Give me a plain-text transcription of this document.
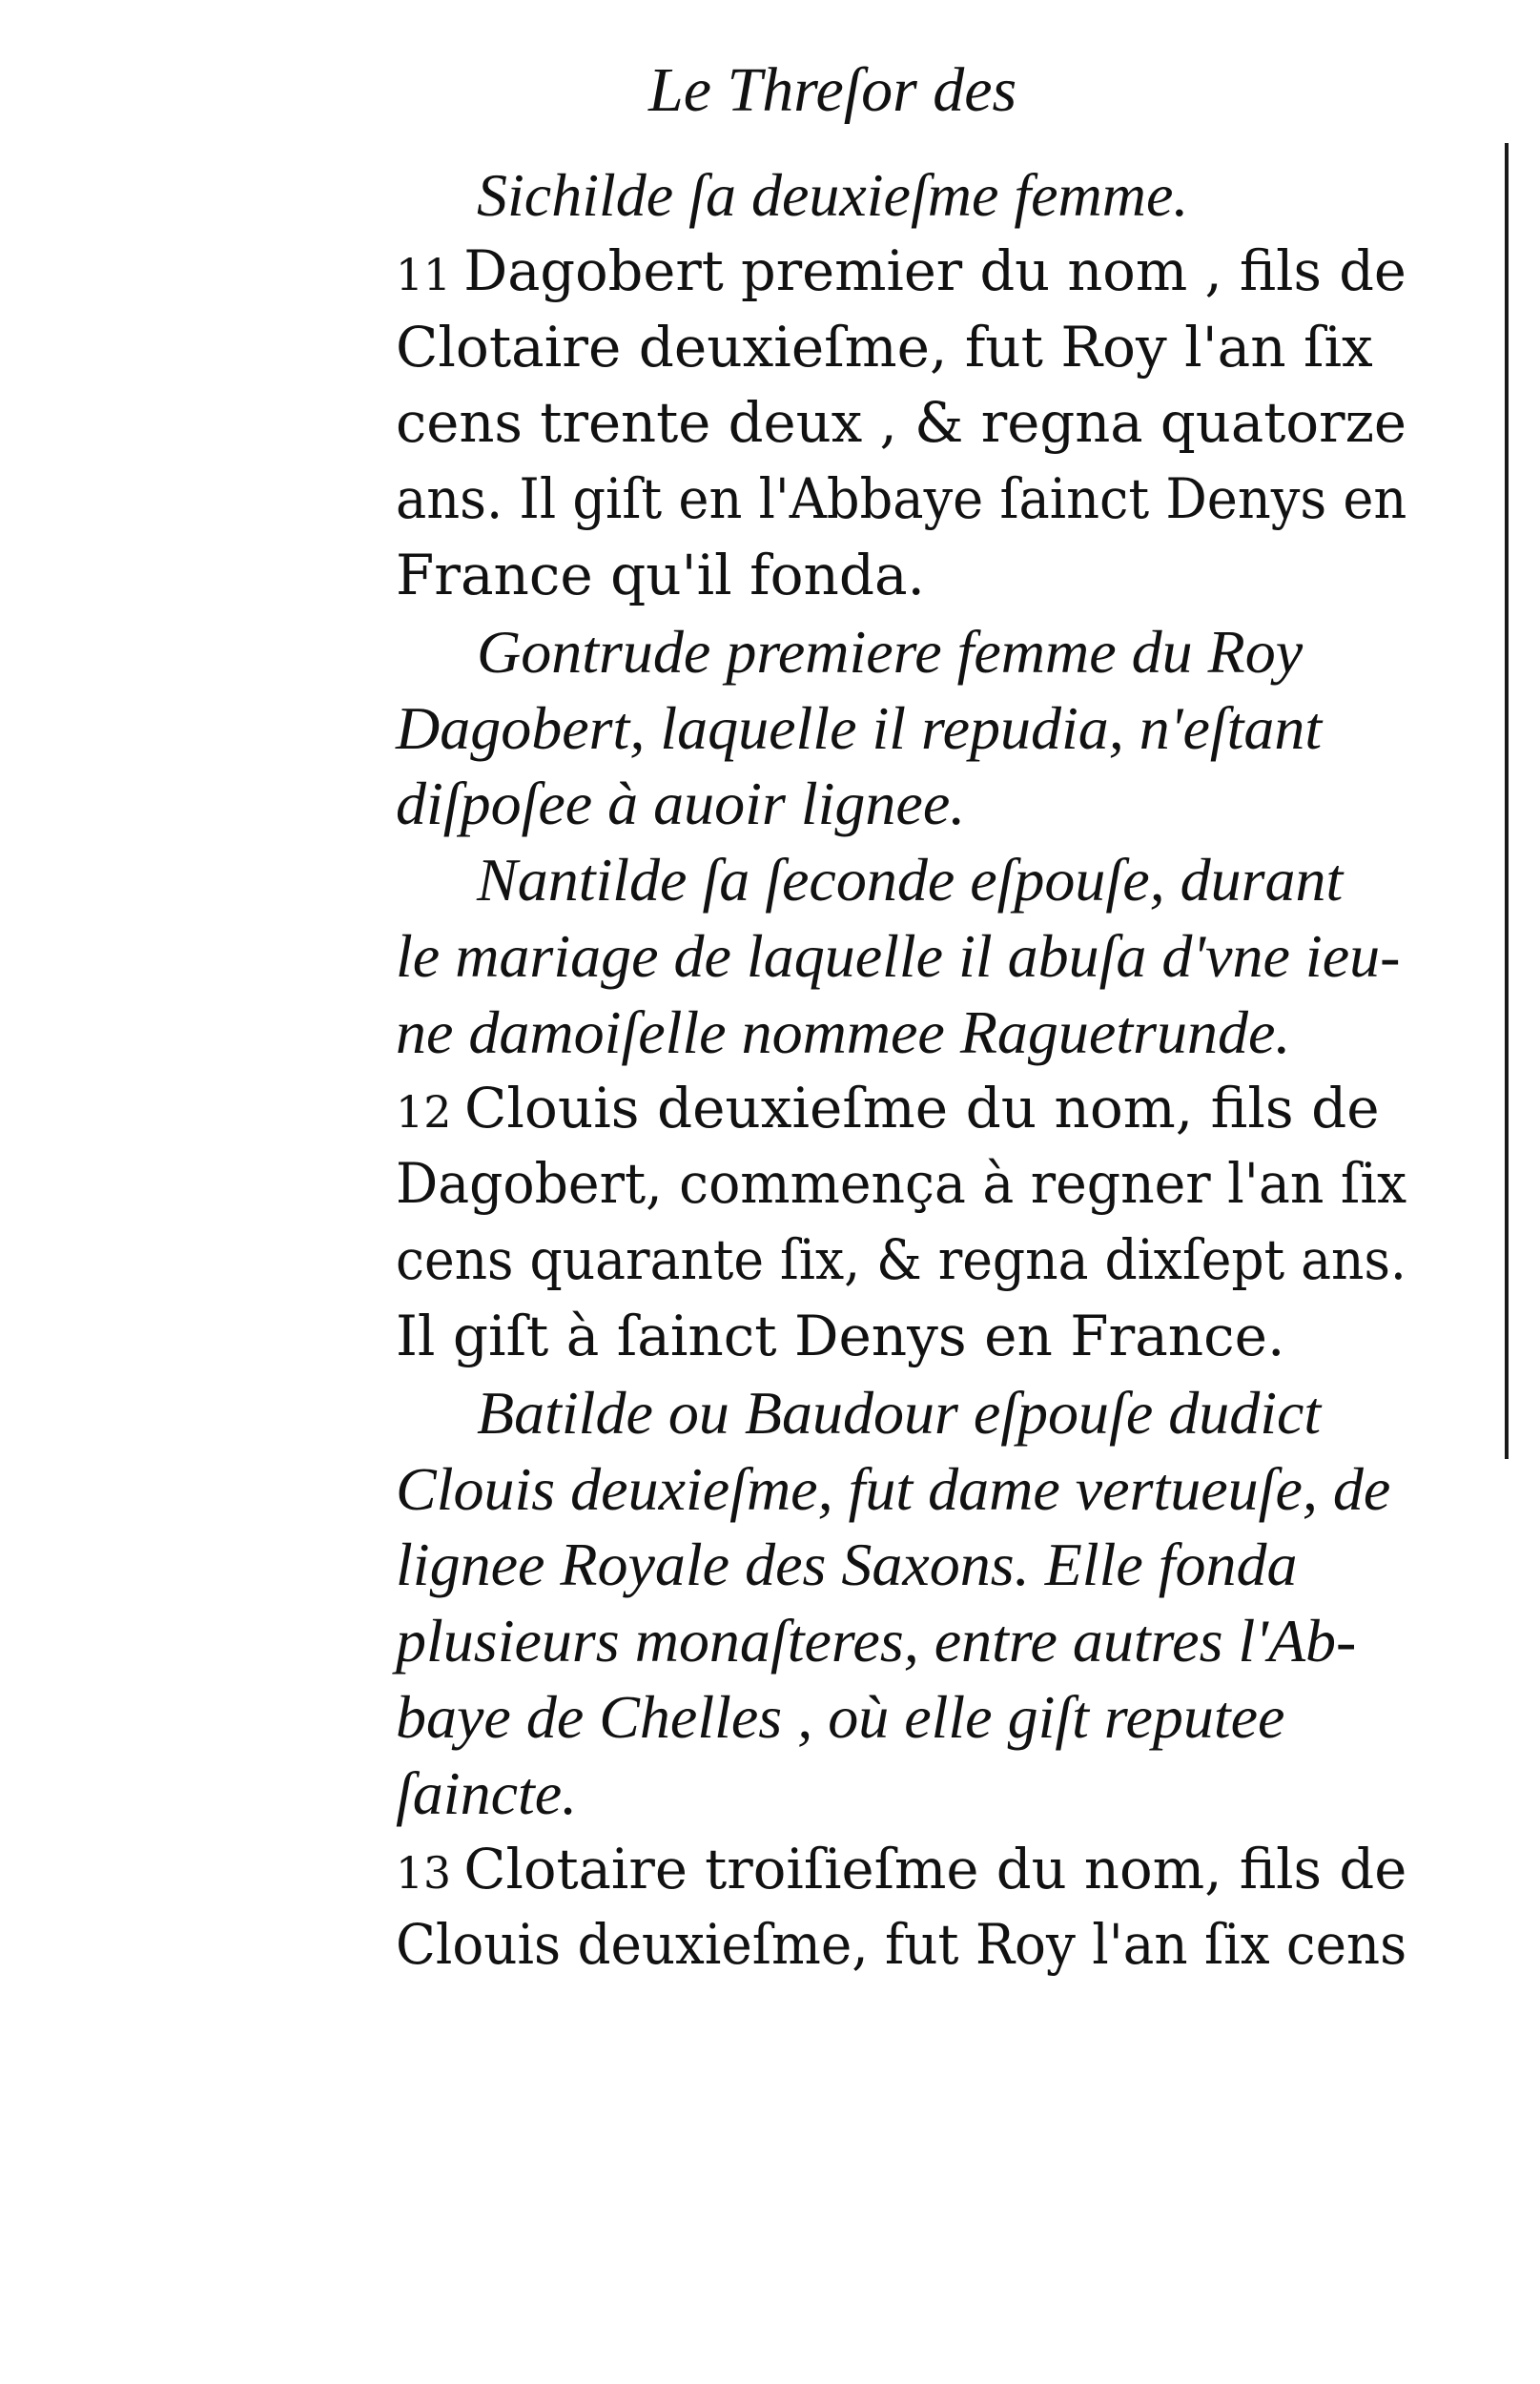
Le Threſor des
Sichilde ſa deuxieſme femme.
11 Dagobert premier du nom , fils de
Clotaire deuxieſme, fut Roy l'an ſix
cens trente deux , & regna quatorze
ans. Il giſt en l'Abbaye ſainct Denys en
France qu'il fonda.
Gontrude premiere femme du Roy
Dagobert, laquelle il repudia, n'eſtant
diſpoſee à auoir lignee.
Nantilde ſa ſeconde eſpouſe, durant
le mariage de laquelle il abuſa d'vne ieu-
ne damoiſelle nommee Raguetrunde.
12 Clouis deuxieſme du nom, fils de
Dagobert, commença à regner l'an ſix
cens quarante ſix, & regna dixſept ans.
Il giſt à ſainct Denys en France.
Batilde ou Baudour eſpouſe dudict
Clouis deuxieſme, fut dame vertueuſe, de
lignee Royale des Saxons. Elle fonda
plusieurs monaſteres, entre autres l'Ab-
baye de Chelles , où elle giſt reputee
ſaincte.
13 Clotaire troiſieſme du nom, fils de
Clouis deuxieſme, fut Roy l'an ſix cens
